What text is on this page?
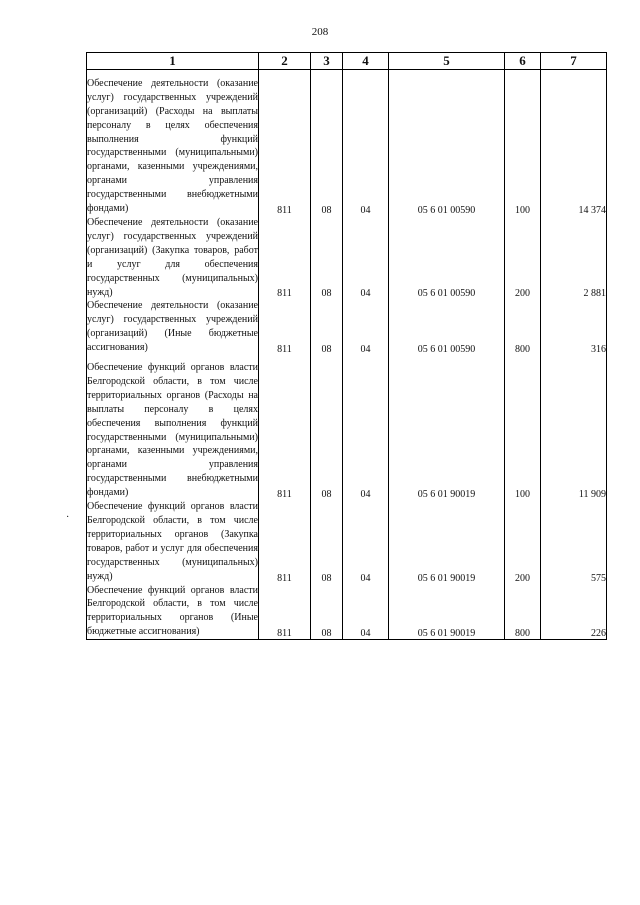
208
·
1	2	3	4	5	6	7
Обеспечение деятельности (оказание услуг) государственных учреждений (организаций) (Расходы на выплаты персоналу в целях обеспечения выполнения функций государственными (муниципальными) органами, казенными учреждениями, органами управления государственными внебюджетными фондами)	811	08	04	05 6 01 00590	100	14 374
Обеспечение деятельности (оказание услуг) государственных учреждений (организаций) (Закупка товаров, работ и услуг для обеспечения государственных (муниципальных) нужд)	811	08	04	05 6 01 00590	200	2 881
Обеспечение деятельности (оказание услуг) государственных учреждений (организаций) (Иные бюджетные ассигнования)	811	08	04	05 6 01 00590	800	316
Обеспечение функций органов власти Белгородской области, в том числе территориальных органов (Расходы на выплаты персоналу в целях обеспечения выполнения функций государственными (муниципальными) органами, казенными учреждениями, органами управления государственными внебюджетными фондами)	811	08	04	05 6 01 90019	100	11 909
Обеспечение функций органов власти Белгородской области, в том числе территориальных органов (Закупка товаров, работ и услуг для обеспечения государственных (муниципальных) нужд)	811	08	04	05 6 01 90019	200	575
Обеспечение функций органов власти Белгородской области, в том числе территориальных органов (Иные бюджетные ассигнования)	811	08	04	05 6 01 90019	800	226
